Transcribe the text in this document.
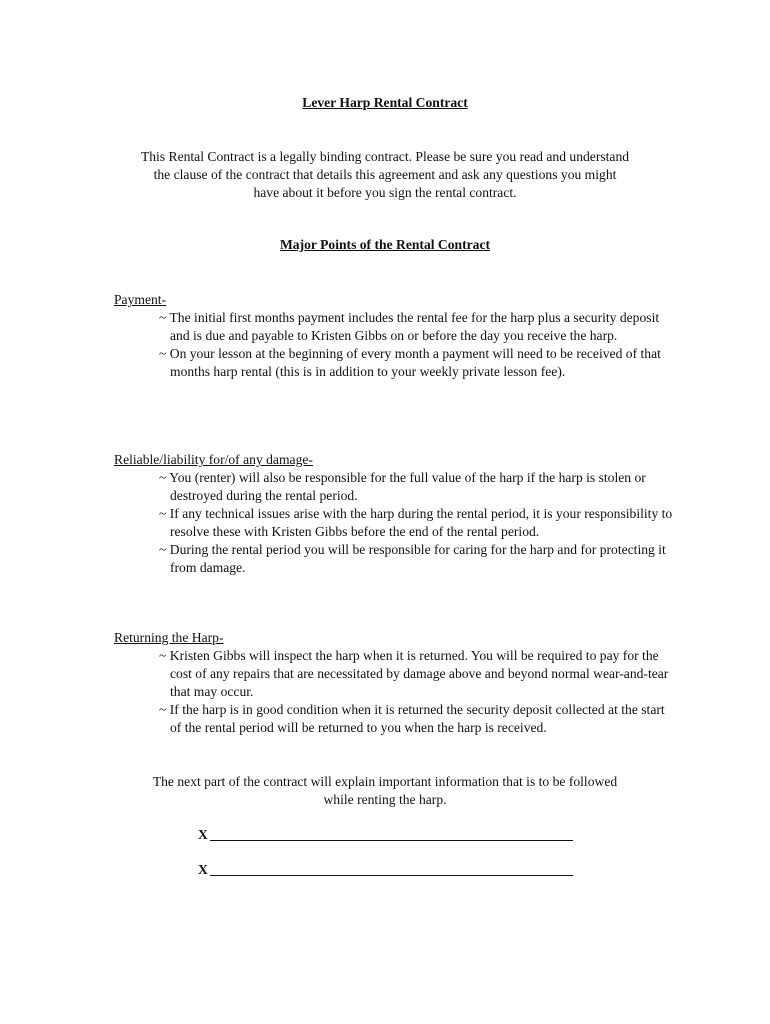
Lever Harp Rental Contract

This Rental Contract is a legally binding contract. Please be sure you read and understand

the clause of the contract that details this agreement and ask any questions you might

have about it before you sign the rental contract.

Major Points of the Rental Contract

Payment-

~ The initial first months payment includes the rental fee for the harp plus a security deposit and is due and payable to Kristen Gibbs on or before the day you receive the harp.
~ On your lesson at the beginning of every month a payment will need to be received of that months harp rental (this is in addition to your weekly private lesson fee).

Reliable/liability for/of any damage-

~ You (renter) will also be responsible for the full value of the harp if the harp is stolen or destroyed during the rental period.
~ If any technical issues arise with the harp during the rental period, it is your responsibility to resolve these with Kristen Gibbs before the end of the rental period.
~ During the rental period you will be responsible for caring for the harp and for protecting it from damage.

Returning the Harp-

~ Kristen Gibbs will inspect the harp when it is returned. You will be required to pay for the cost of any repairs that are necessitated by damage above and beyond normal wear-and-tear that may occur.
~ If the harp is in good condition when it is returned the security deposit collected at the start of the rental period will be returned to you when the harp is received.

The next part of the contract will explain important information that is to be followed

while renting the harp.

X
X
